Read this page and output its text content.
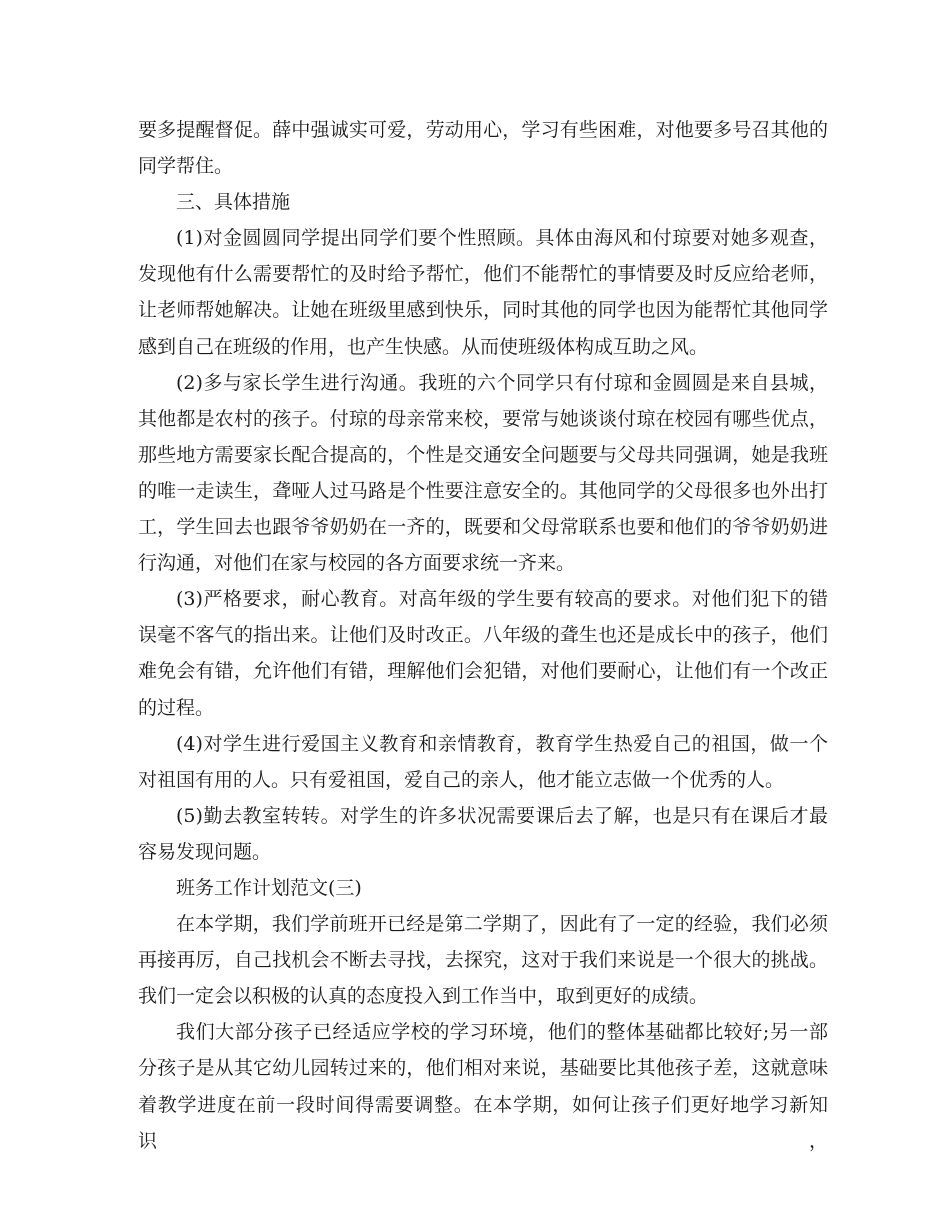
要多提醒督促。薛中强诚实可爱，劳动用心，学习有些困难，对他要多号召其他的
同学帮住。
三、具体措施
(1)对金圆圆同学提出同学们要个性照顾。具体由海风和付琼要对她多观查，
发现他有什么需要帮忙的及时给予帮忙，他们不能帮忙的事情要及时反应给老师，
让老师帮她解决。让她在班级里感到快乐，同时其他的同学也因为能帮忙其他同学
感到自己在班级的作用，也产生快感。从而使班级体构成互助之风。
(2)多与家长学生进行沟通。我班的六个同学只有付琼和金圆圆是来自县城，
其他都是农村的孩子。付琼的母亲常来校，要常与她谈谈付琼在校园有哪些优点，
那些地方需要家长配合提高的，个性是交通安全问题要与父母共同强调，她是我班
的唯一走读生，聋哑人过马路是个性要注意安全的。其他同学的父母很多也外出打
工，学生回去也跟爷爷奶奶在一齐的，既要和父母常联系也要和他们的爷爷奶奶进
行沟通，对他们在家与校园的各方面要求统一齐来。
(3)严格要求，耐心教育。对高年级的学生要有较高的要求。对他们犯下的错
误毫不客气的指出来。让他们及时改正。八年级的聋生也还是成长中的孩子，他们
难免会有错，允许他们有错，理解他们会犯错，对他们要耐心，让他们有一个改正
的过程。
(4)对学生进行爱国主义教育和亲情教育，教育学生热爱自己的祖国，做一个
对祖国有用的人。只有爱祖国，爱自己的亲人，他才能立志做一个优秀的人。
(5)勤去教室转转。对学生的许多状况需要课后去了解，也是只有在课后才最
容易发现问题。
班务工作计划范文(三)
在本学期，我们学前班开已经是第二学期了，因此有了一定的经验，我们必须
再接再厉，自己找机会不断去寻找，去探究，这对于我们来说是一个很大的挑战。
我们一定会以积极的认真的态度投入到工作当中，取到更好的成绩。
我们大部分孩子已经适应学校的学习环境，他们的整体基础都比较好;另一部
分孩子是从其它幼儿园转过来的，他们相对来说，基础要比其他孩子差，这就意味
着教学进度在前一段时间得需要调整。在本学期，如何让孩子们更好地学习新知识，
